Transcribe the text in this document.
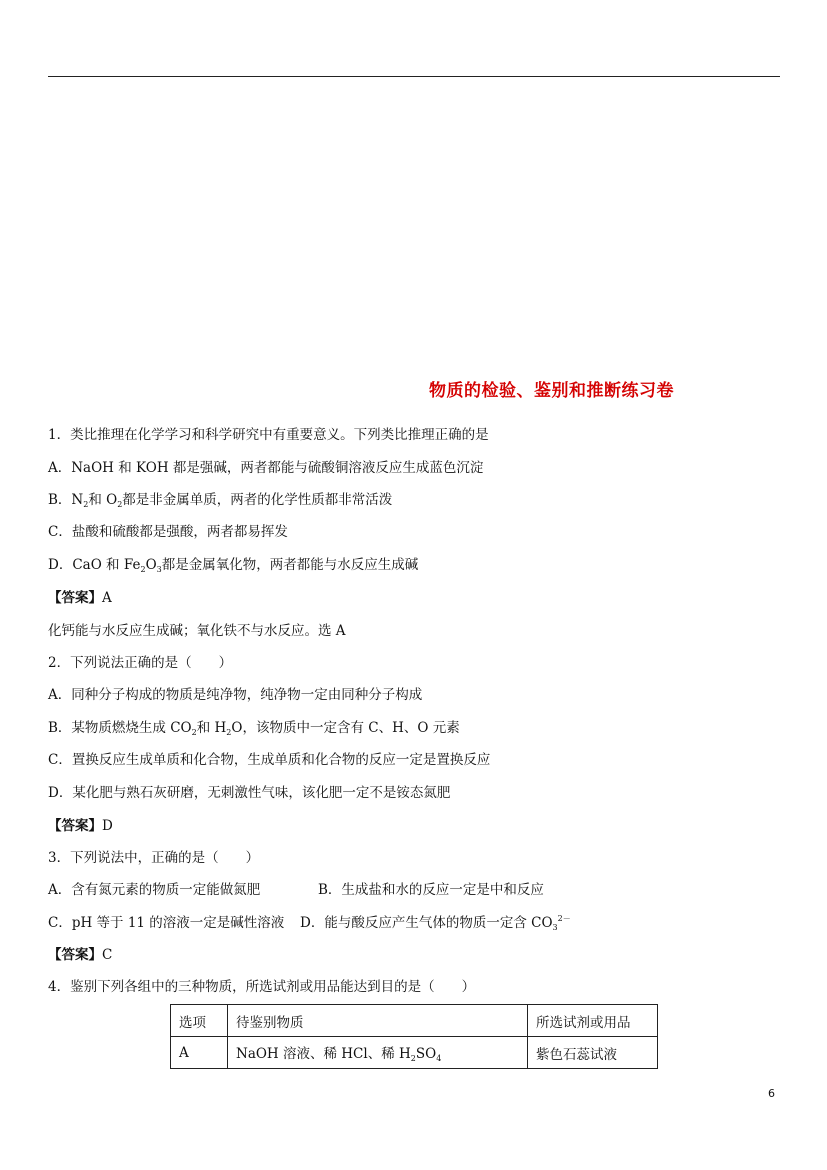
物质的检验、鉴别和推断练习卷
1．类比推理在化学学习和科学研究中有重要意义。下列类比推理正确的是
A．NaOH 和 KOH 都是强碱，两者都能与硫酸铜溶液反应生成蓝色沉淀
B．$N_2$和 $O_2$都是非金属单质，两者的化学性质都非常活泼
C．盐酸和硫酸都是强酸，两者都易挥发
D．CaO 和 $Fe_2O_3$都是金属氧化物，两者都能与水反应生成碱
【答案】A
化钙能与水反应生成碱；氧化铁不与水反应。选 A
2．下列说法正确的是（　　）
A．同种分子构成的物质是纯净物，纯净物一定由同种分子构成
B．某物质燃烧生成 $CO_2$和 $H_2O$，该物质中一定含有 C、H、O 元素
C．置换反应生成单质和化合物，生成单质和化合物的反应一定是置换反应
D．某化肥与熟石灰研磨，无刺激性气味，该化肥一定不是铵态氮肥
【答案】D
3．下列说法中，正确的是（　　）
A．含有氮元素的物质一定能做氮肥	B．生成盐和水的反应一定是中和反应
C．pH 等于 11 的溶液一定是碱性溶液 D．能与酸反应产生气体的物质一定含 $CO_3^{2-}$
【答案】C
4．鉴别下列各组中的三种物质，所选试剂或用品能达到目的是（　　）
选项	待鉴别物质	所选试剂或用品
A	NaOH 溶液、稀 HCl、稀 $H_2SO_4$	紫色石蕊试液
6
